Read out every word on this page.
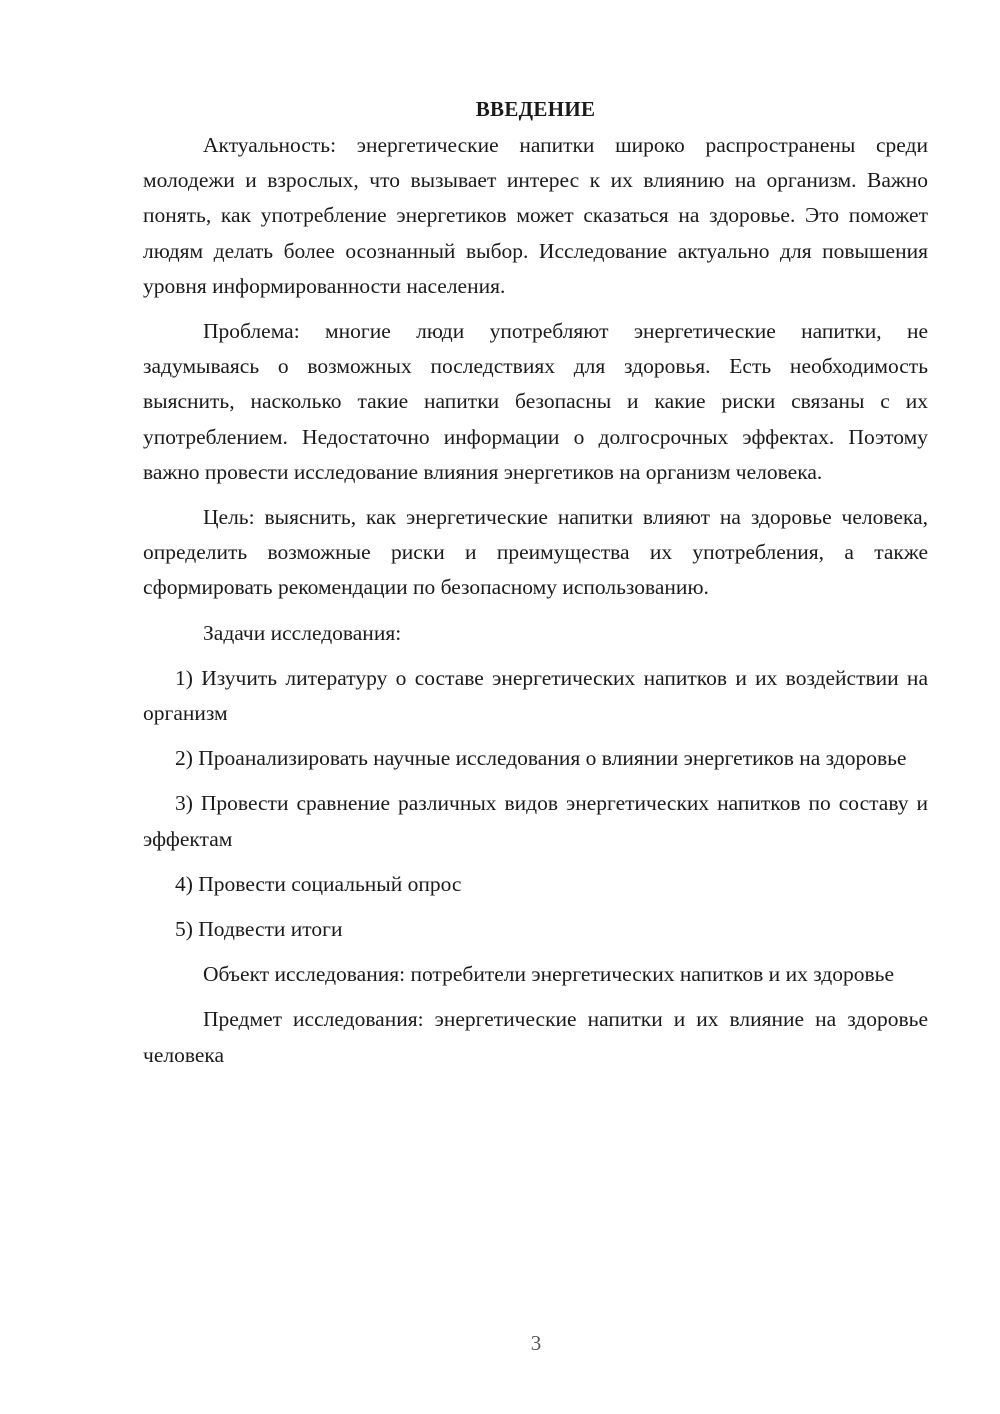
ВВЕДЕНИЕ

Актуальность: энергетические напитки широко распространены среди молодежи и взрослых, что вызывает интерес к их влиянию на организм. Важно понять, как употребление энергетиков может сказаться на здоровье. Это поможет людям делать более осознанный выбор. Исследование актуально для повышения уровня информированности населения.

Проблема: многие люди употребляют энергетические напитки, не задумываясь о возможных последствиях для здоровья. Есть необходимость выяснить, насколько такие напитки безопасны и какие риски связаны с их употреблением. Недостаточно информации о долгосрочных эффектах. Поэтому важно провести исследование влияния энергетиков на организм человека.

Цель: выяснить, как энергетические напитки влияют на здоровье человека, определить возможные риски и преимущества их употребления, а также сформировать рекомендации по безопасному использованию.

Задачи исследования:

1) Изучить литературу о составе энергетических напитков и их воздействии на организм

2) Проанализировать научные исследования о влиянии энергетиков на здоровье

3) Провести сравнение различных видов энергетических напитков по составу и эффектам

4) Провести социальный опрос

5) Подвести итоги

Объект исследования: потребители энергетических напитков и их здоровье

Предмет исследования: энергетические напитки и их влияние на здоровье человека

3
